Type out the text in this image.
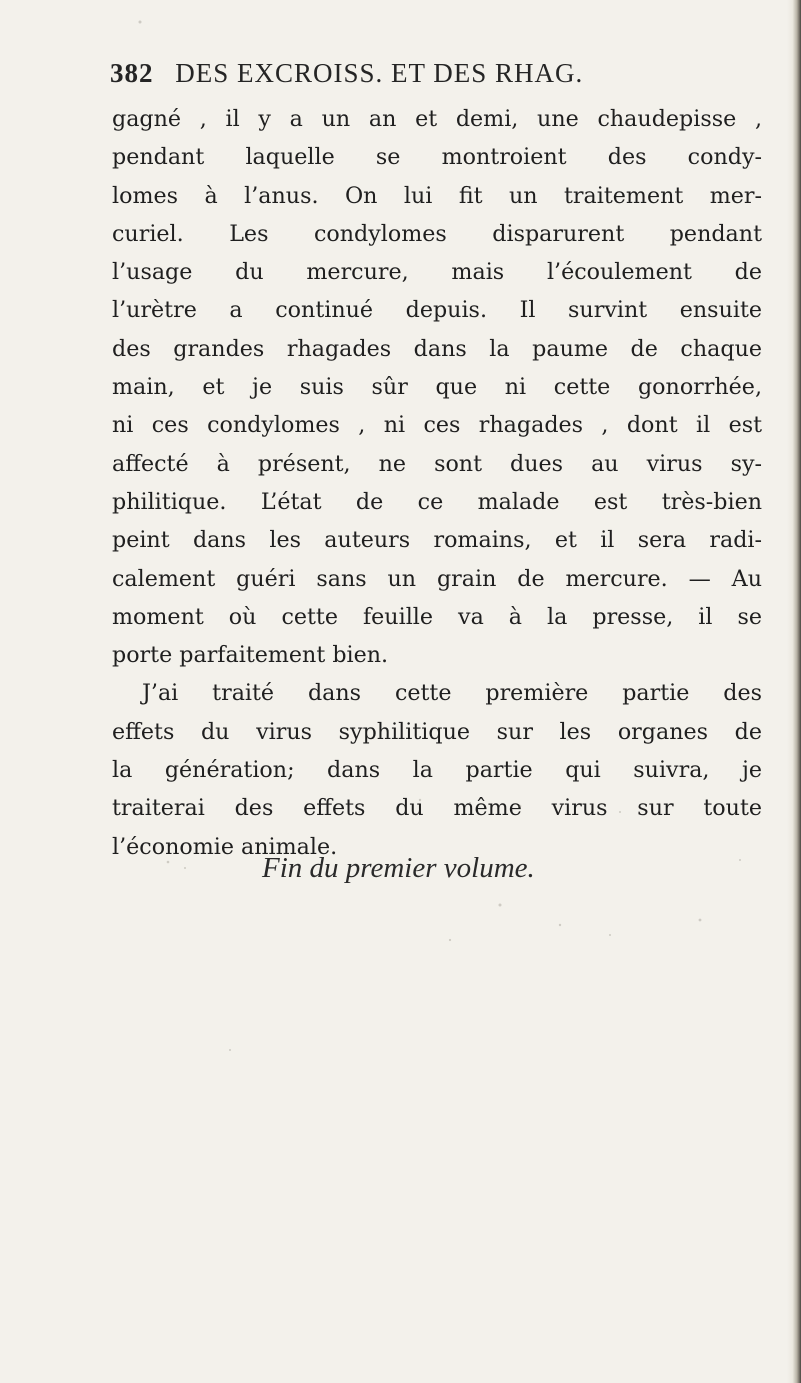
382 DES EXCROISS. ET DES RHAG.
gagné , il y a un an et demi, une chaudepisse ,
pendant laquelle se montroient des condy-
lomes à l’anus. On lui fit un traitement mer-
curiel. Les condylomes disparurent pendant
l’usage du mercure, mais l’écoulement de
l’urètre a continué depuis. Il survint ensuite
des grandes rhagades dans la paume de chaque
main, et je suis sûr que ni cette gonorrhée,
ni ces condylomes , ni ces rhagades , dont il est
affecté à présent, ne sont dues au virus sy-
philitique. L’état de ce malade est très-bien
peint dans les auteurs romains, et il sera radi-
calement guéri sans un grain de mercure. — Au
moment où cette feuille va à la presse, il se
porte parfaitement bien.
J’ai traité dans cette première partie des
effets du virus syphilitique sur les organes de
la génération; dans la partie qui suivra, je
traiterai des effets du même virus sur toute
l’économie animale.
Fin du premier volume.
